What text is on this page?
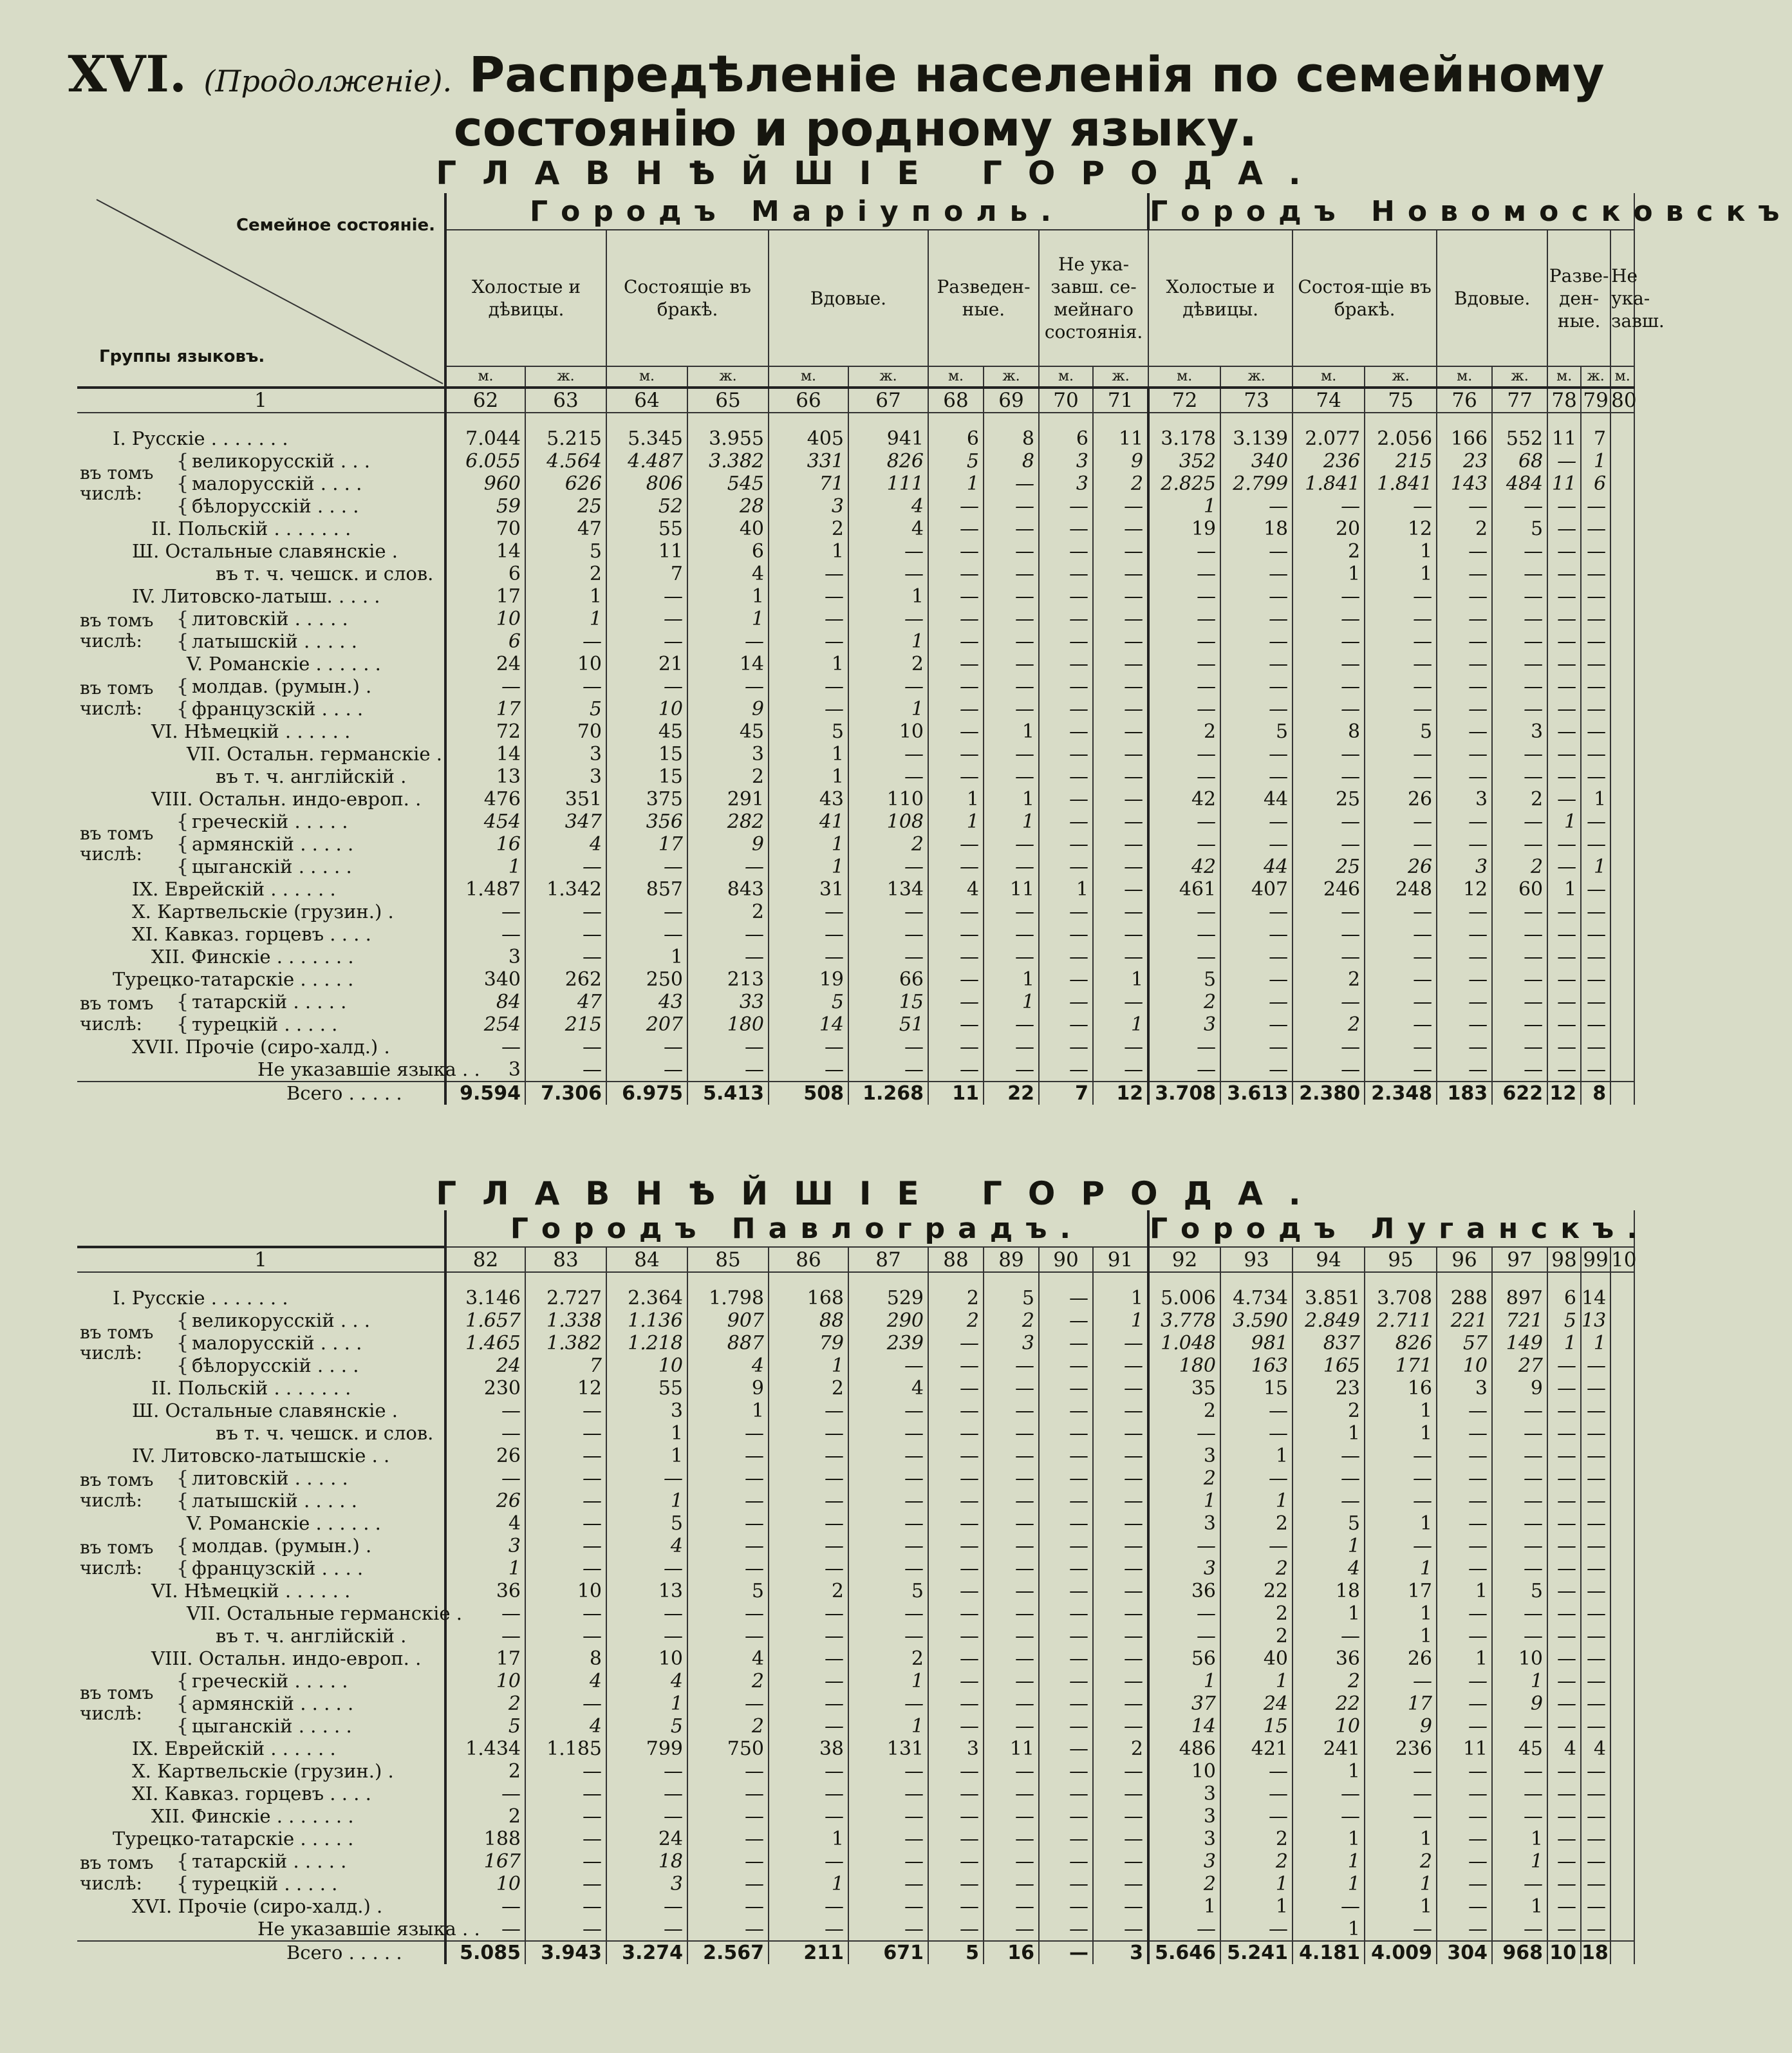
XVI. (Продолженіе). Распредѣленіе населенія по семейному
состоянію и родному языку.
ГЛАВНѢЙШІЕ ГОРОДА.
Семейное состояніе.
Группы языковъ.	Городъ Маріуполь.										Городъ Новомосковскъ								
	Холостые и дѣвицы.		Состоящіе въ бракѣ.		Вдовые.		Разведен-ные.		Не ука-завш. се-мейнаго состоянія.		Холостые и дѣвицы.		Состоя-щіе въ бракѣ.		Вдовые.		Разве-ден-ные.		Не ука-завш.
	м.	ж.	м.	ж.	м.	ж.	м.	ж.	м.	ж.	м.	ж.	м.	ж.	м.	ж.	м.	ж.	м.
1	62	63	64	65	66	67	68	69	70	71	72	73	74	75	76	77	78	79	80

I. Русскіе . . . . . . .	7.044	5.215	5.345	3.955	405	941	6	8	6	11	3.178	3.139	2.077	2.056	166	552	11	7	

въ томъ
числѣ:
{ великорусскій . . .	6.055	4.564	4.487	3.382	331	826	5	8	3	9	352	340	236	215	23	68	—	1	

{ малорусскій . . . .	960	626	806	545	71	111	1	—	3	2	2.825	2.799	1.841	1.841	143	484	11	6	

{ бѣлорусскій . . . .	59	25	52	28	3	4	—	—	—	—	1	—	—	—	—	—	—	—	
II. Польскій . . . . . . .	70	47	55	40	2	4	—	—	—	—	19	18	20	12	2	5	—	—	
Ш. Остальные славянскіе .	14	5	11	6	1	—	—	—	—	—	—	—	2	1	—	—	—	—	
въ т. ч. чешск. и слов.	6	2	7	4	—	—	—	—	—	—	—	—	1	1	—	—	—	—	
IV. Литовско-латыш. . . . .	17	1	—	1	—	1	—	—	—	—	—	—	—	—	—	—	—	—	

въ томъ
числѣ:
{ литовскій . . . . .	10	1	—	1	—	—	—	—	—	—	—	—	—	—	—	—	—	—	

{ латышскій . . . . .	6	—	—	—	—	1	—	—	—	—	—	—	—	—	—	—	—	—	
V. Романскіе . . . . . .	24	10	21	14	1	2	—	—	—	—	—	—	—	—	—	—	—	—	

въ томъ
числѣ:
{ молдав. (румын.) .	—	—	—	—	—	—	—	—	—	—	—	—	—	—	—	—	—	—	

{ французскій . . . .	17	5	10	9	—	1	—	—	—	—	—	—	—	—	—	—	—	—	
VI. Нѣмецкій . . . . . .	72	70	45	45	5	10	—	1	—	—	2	5	8	5	—	3	—	—	
VII. Остальн. германскіе .	14	3	15	3	1	—	—	—	—	—	—	—	—	—	—	—	—	—	
въ т. ч. англійскій .	13	3	15	2	1	—	—	—	—	—	—	—	—	—	—	—	—	—	
VIII. Остальн. индо-европ. .	476	351	375	291	43	110	1	1	—	—	42	44	25	26	3	2	—	1	

въ томъ
числѣ:
{ греческій . . . . .	454	347	356	282	41	108	1	1	—	—	—	—	—	—	—	—	1	—	

{ армянскій . . . . .	16	4	17	9	1	2	—	—	—	—	—	—	—	—	—	—	—	—	

{ цыганскій . . . . .	1	—	—	—	1	—	—	—	—	—	42	44	25	26	3	2	—	1	
IX. Еврейскій . . . . . .	1.487	1.342	857	843	31	134	4	11	1	—	461	407	246	248	12	60	1	—	
X. Картвельскіе (грузин.) .	—	—	—	2	—	—	—	—	—	—	—	—	—	—	—	—	—	—	
XI. Кавказ. горцевъ . . . .	—	—	—	—	—	—	—	—	—	—	—	—	—	—	—	—	—	—	
XII. Финскіе . . . . . . .	3	—	1	—	—	—	—	—	—	—	—	—	—	—	—	—	—	—	
Турецко-татарскіе . . . . .	340	262	250	213	19	66	—	1	—	1	5	—	2	—	—	—	—	—	

въ томъ
числѣ:
{ татарскій . . . . .	84	47	43	33	5	15	—	1	—	—	2	—	—	—	—	—	—	—	

{ турецкій . . . . .	254	215	207	180	14	51	—	—	—	1	3	—	2	—	—	—	—	—	
XVII. Прочіе (сиро-халд.) .	—	—	—	—	—	—	—	—	—	—	—	—	—	—	—	—	—	—	
Не указавшіе языка . .	3	—	—	—	—	—	—	—	—	—	—	—	—	—	—	—	—	—	
Всего . . . . .	9.594	7.306	6.975	5.413	508	1.268	11	22	7	12	3.708	3.613	2.380	2.348	183	622	12	8	
ГЛАВНѢЙШІЕ ГОРОДА.
	Городъ Павлоградъ.										Городъ Луганскъ.								
1	82	83	84	85	86	87	88	89	90	91	92	93	94	95	96	97	98	99	10

I. Русскіе . . . . . . .	3.146	2.727	2.364	1.798	168	529	2	5	—	1	5.006	4.734	3.851	3.708	288	897	6	14	

въ томъ
числѣ:
{ великорусскій . . .	1.657	1.338	1.136	907	88	290	2	2	—	1	3.778	3.590	2.849	2.711	221	721	5	13	

{ малорусскій . . . .	1.465	1.382	1.218	887	79	239	—	3	—	—	1.048	981	837	826	57	149	1	1	

{ бѣлорусскій . . . .	24	7	10	4	1	—	—	—	—	—	180	163	165	171	10	27	—	—	
II. Польскій . . . . . . .	230	12	55	9	2	4	—	—	—	—	35	15	23	16	3	9	—	—	
Ш. Остальные славянскіе .	—	—	3	1	—	—	—	—	—	—	2	—	2	1	—	—	—	—	
въ т. ч. чешск. и слов.	—	—	1	—	—	—	—	—	—	—	—	—	1	1	—	—	—	—	
IV. Литовско-латышскіе . .	26	—	1	—	—	—	—	—	—	—	3	1	—	—	—	—	—	—	

въ томъ
числѣ:
{ литовскій . . . . .	—	—	—	—	—	—	—	—	—	—	2	—	—	—	—	—	—	—	

{ латышскій . . . . .	26	—	1	—	—	—	—	—	—	—	1	1	—	—	—	—	—	—	
V. Романскіе . . . . . .	4	—	5	—	—	—	—	—	—	—	3	2	5	1	—	—	—	—	

въ томъ
числѣ:
{ молдав. (румын.) .	3	—	4	—	—	—	—	—	—	—	—	—	1	—	—	—	—	—	

{ французскій . . . .	1	—	—	—	—	—	—	—	—	—	3	2	4	1	—	—	—	—	
VI. Нѣмецкій . . . . . .	36	10	13	5	2	5	—	—	—	—	36	22	18	17	1	5	—	—	
VII. Остальные германскіе .	—	—	—	—	—	—	—	—	—	—	—	2	1	1	—	—	—	—	
въ т. ч. англійскій .	—	—	—	—	—	—	—	—	—	—	—	2	—	1	—	—	—	—	
VIII. Остальн. индо-европ. .	17	8	10	4	—	2	—	—	—	—	56	40	36	26	1	10	—	—	

въ томъ
числѣ:
{ греческій . . . . .	10	4	4	2	—	1	—	—	—	—	1	1	2	—	—	1	—	—	

{ армянскій . . . . .	2	—	1	—	—	—	—	—	—	—	37	24	22	17	—	9	—	—	

{ цыганскій . . . . .	5	4	5	2	—	1	—	—	—	—	14	15	10	9	—	—	—	—	
IX. Еврейскій . . . . . .	1.434	1.185	799	750	38	131	3	11	—	2	486	421	241	236	11	45	4	4	
X. Картвельскіе (грузин.) .	2	—	—	—	—	—	—	—	—	—	10	—	1	—	—	—	—	—	
XI. Кавказ. горцевъ . . . .	—	—	—	—	—	—	—	—	—	—	3	—	—	—	—	—	—	—	
XII. Финскіе . . . . . . .	2	—	—	—	—	—	—	—	—	—	3	—	—	—	—	—	—	—	
Турецко-татарскіе . . . . .	188	—	24	—	1	—	—	—	—	—	3	2	1	1	—	1	—	—	

въ томъ
числѣ:
{ татарскій . . . . .	167	—	18	—	—	—	—	—	—	—	3	2	1	2	—	1	—	—	

{ турецкій . . . . .	10	—	3	—	1	—	—	—	—	—	2	1	1	1	—	—	—	—	
XVI. Прочіе (сиро-халд.) .	—	—	—	—	—	—	—	—	—	—	1	1	—	1	—	1	—	—	
Не указавшіе языка . .	—	—	—	—	—	—	—	—	—	—	—	—	1	—	—	—	—	—	
Всего . . . . .	5.085	3.943	3.274	2.567	211	671	5	16	—	3	5.646	5.241	4.181	4.009	304	968	10	18	
